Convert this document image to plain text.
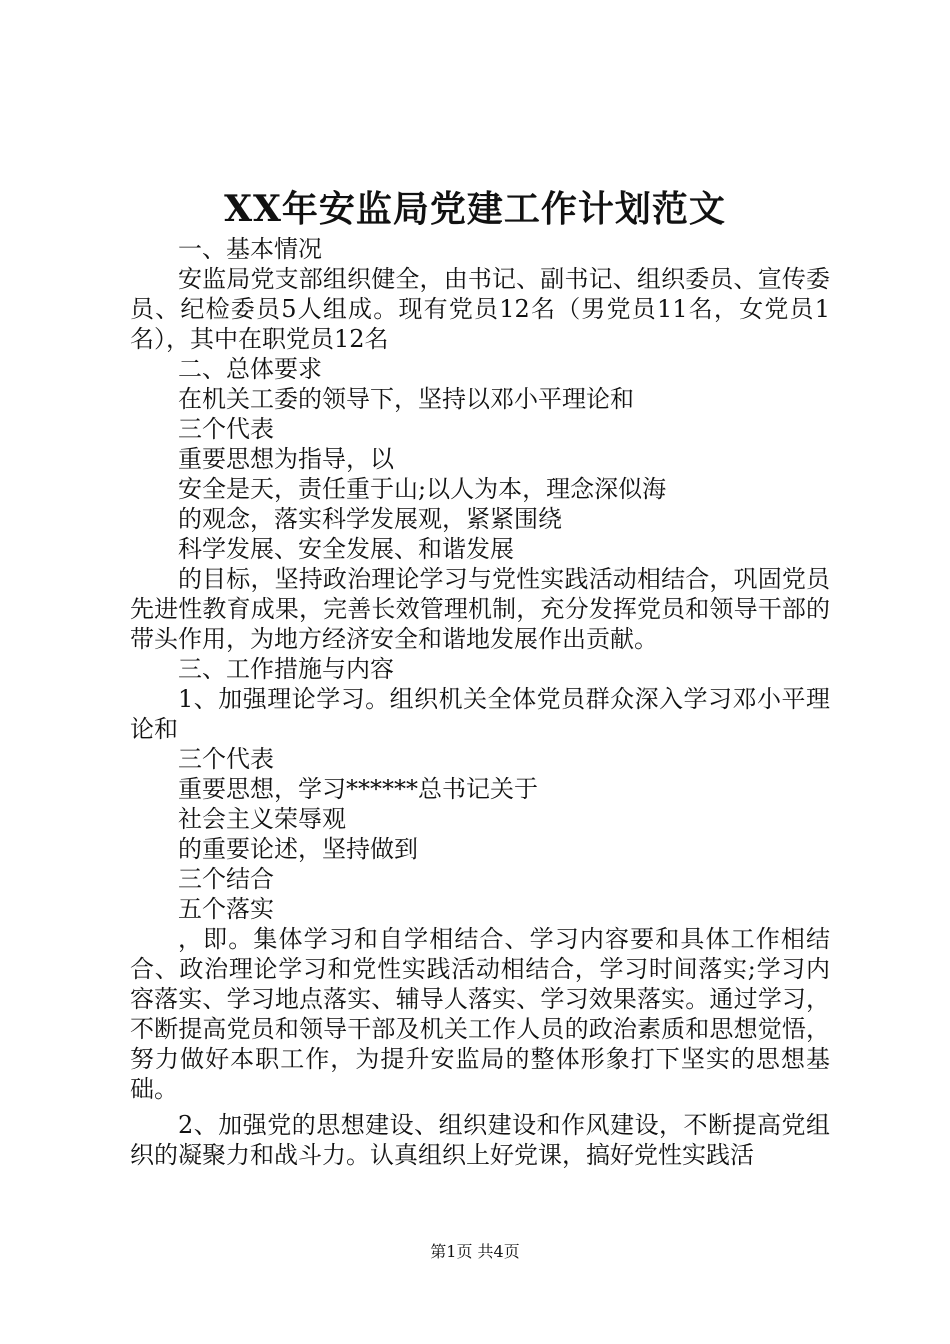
XX年安监局党建工作计划范文

一、基本情况

安监局党支部组织健全，由书记、副书记、组织委员、宣传委员、纪检委员5人组成。现有党员12名（男党员11名，女党员1名），其中在职党员12名

二、总体要求

在机关工委的领导下，坚持以邓小平理论和

三个代表

重要思想为指导，以

安全是天，责任重于山;以人为本，理念深似海

的观念，落实科学发展观，紧紧围绕

科学发展、安全发展、和谐发展

的目标，坚持政治理论学习与党性实践活动相结合，巩固党员先进性教育成果，完善长效管理机制，充分发挥党员和领导干部的带头作用，为地方经济安全和谐地发展作出贡献。

三、工作措施与内容

1、加强理论学习。组织机关全体党员群众深入学习邓小平理论和

三个代表

重要思想，学习******总书记关于

社会主义荣辱观

的重要论述，坚持做到

三个结合

五个落实

，即。集体学习和自学相结合、学习内容要和具体工作相结合、政治理论学习和党性实践活动相结合，学习时间落实;学习内容落实、学习地点落实、辅导人落实、学习效果落实。通过学习，不断提高党员和领导干部及机关工作人员的政治素质和思想觉悟，努力做好本职工作，为提升安监局的整体形象打下坚实的思想基础。

2、加强党的思想建设、组织建设和作风建设，不断提高党组织的凝聚力和战斗力。认真组织上好党课，搞好党性实践活

第1页 共4页
